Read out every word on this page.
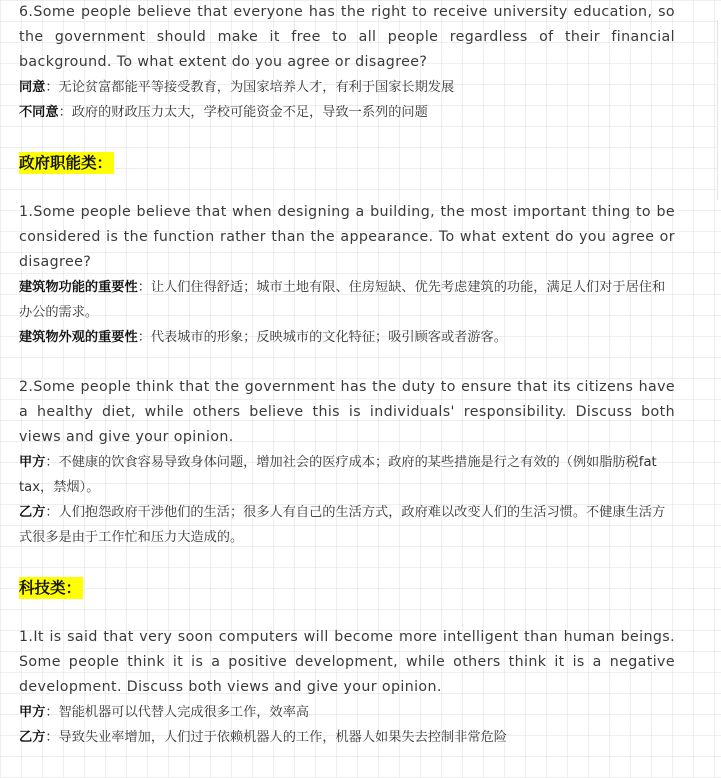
6.Some people believe that everyone has the right to receive university education, so the government should make it free to all people regardless of their financial background. To what extent do you agree or disagree?

同意：无论贫富都能平等接受教育，为国家培养人才，有利于国家长期发展

不同意：政府的财政压力太大，学校可能资金不足，导致一系列的问题

政府职能类：

1.Some people believe that when designing a building, the most important thing to be considered is the function rather than the appearance. To what extent do you agree or disagree?

建筑物功能的重要性：让人们住得舒适；城市土地有限、住房短缺、优先考虑建筑的功能，满足人们对于居住和办公的需求。

建筑物外观的重要性：代表城市的形象；反映城市的文化特征；吸引顾客或者游客。

2.Some people think that the government has the duty to ensure that its citizens have a healthy diet, while others believe this is individuals' responsibility. Discuss both views and give your opinion.

甲方：不健康的饮食容易导致身体问题，增加社会的医疗成本；政府的某些措施是行之有效的（例如脂肪税fat tax，禁烟）。

乙方：人们抱怨政府干涉他们的生活；很多人有自己的生活方式，政府难以改变人们的生活习惯。不健康生活方式很多是由于工作忙和压力大造成的。

科技类：

1.It is said that very soon computers will become more intelligent than human beings. Some people think it is a positive development, while others think it is a negative development. Discuss both views and give your opinion.

甲方：智能机器可以代替人完成很多工作，效率高

乙方：导致失业率增加，人们过于依赖机器人的工作，机器人如果失去控制非常危险
